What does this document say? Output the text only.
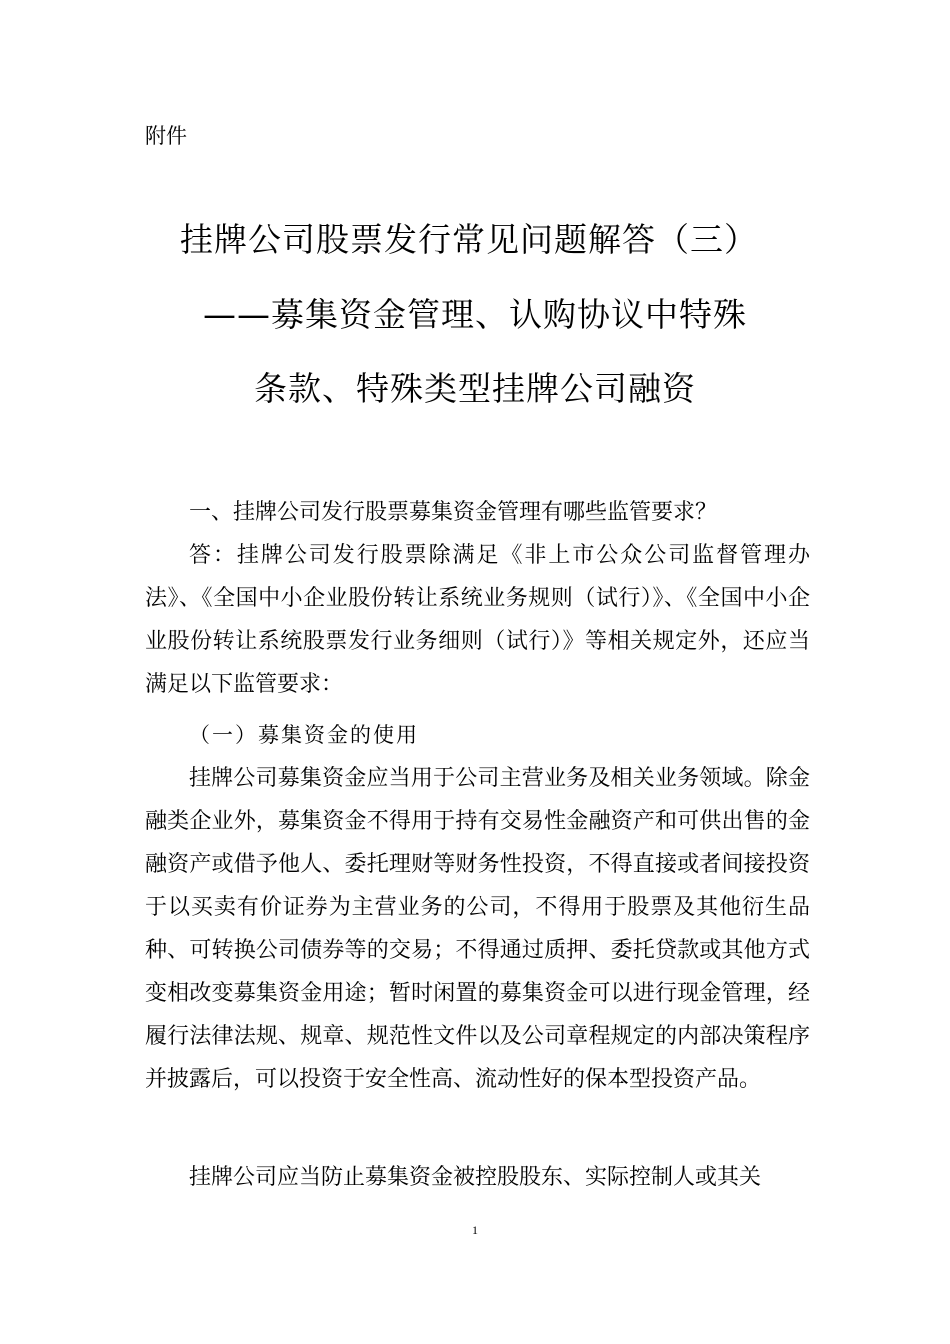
附件
挂牌公司股票发行常见问题解答（三）
——募集资金管理、认购协议中特殊
条款、特殊类型挂牌公司融资
一、挂牌公司发行股票募集资金管理有哪些监管要求？
答：挂牌公司发行股票除满足《非上市公众公司监督管理办法》、《全国中小企业股份转让系统业务规则（试行）》、《全国中小企业股份转让系统股票发行业务细则（试行）》等相关规定外，还应当满足以下监管要求：
（一）募集资金的使用
挂牌公司募集资金应当用于公司主营业务及相关业务领域。除金融类企业外，募集资金不得用于持有交易性金融资产和可供出售的金融资产或借予他人、委托理财等财务性投资，不得直接或者间接投资于以买卖有价证券为主营业务的公司，不得用于股票及其他衍生品种、可转换公司债券等的交易；不得通过质押、委托贷款或其他方式变相改变募集资金用途；暂时闲置的募集资金可以进行现金管理，经履行法律法规、规章、规范性文件以及公司章程规定的内部决策程序并披露后，可以投资于安全性高、流动性好的保本型投资产品。
挂牌公司应当防止募集资金被控股股东、实际控制人或其关
1
